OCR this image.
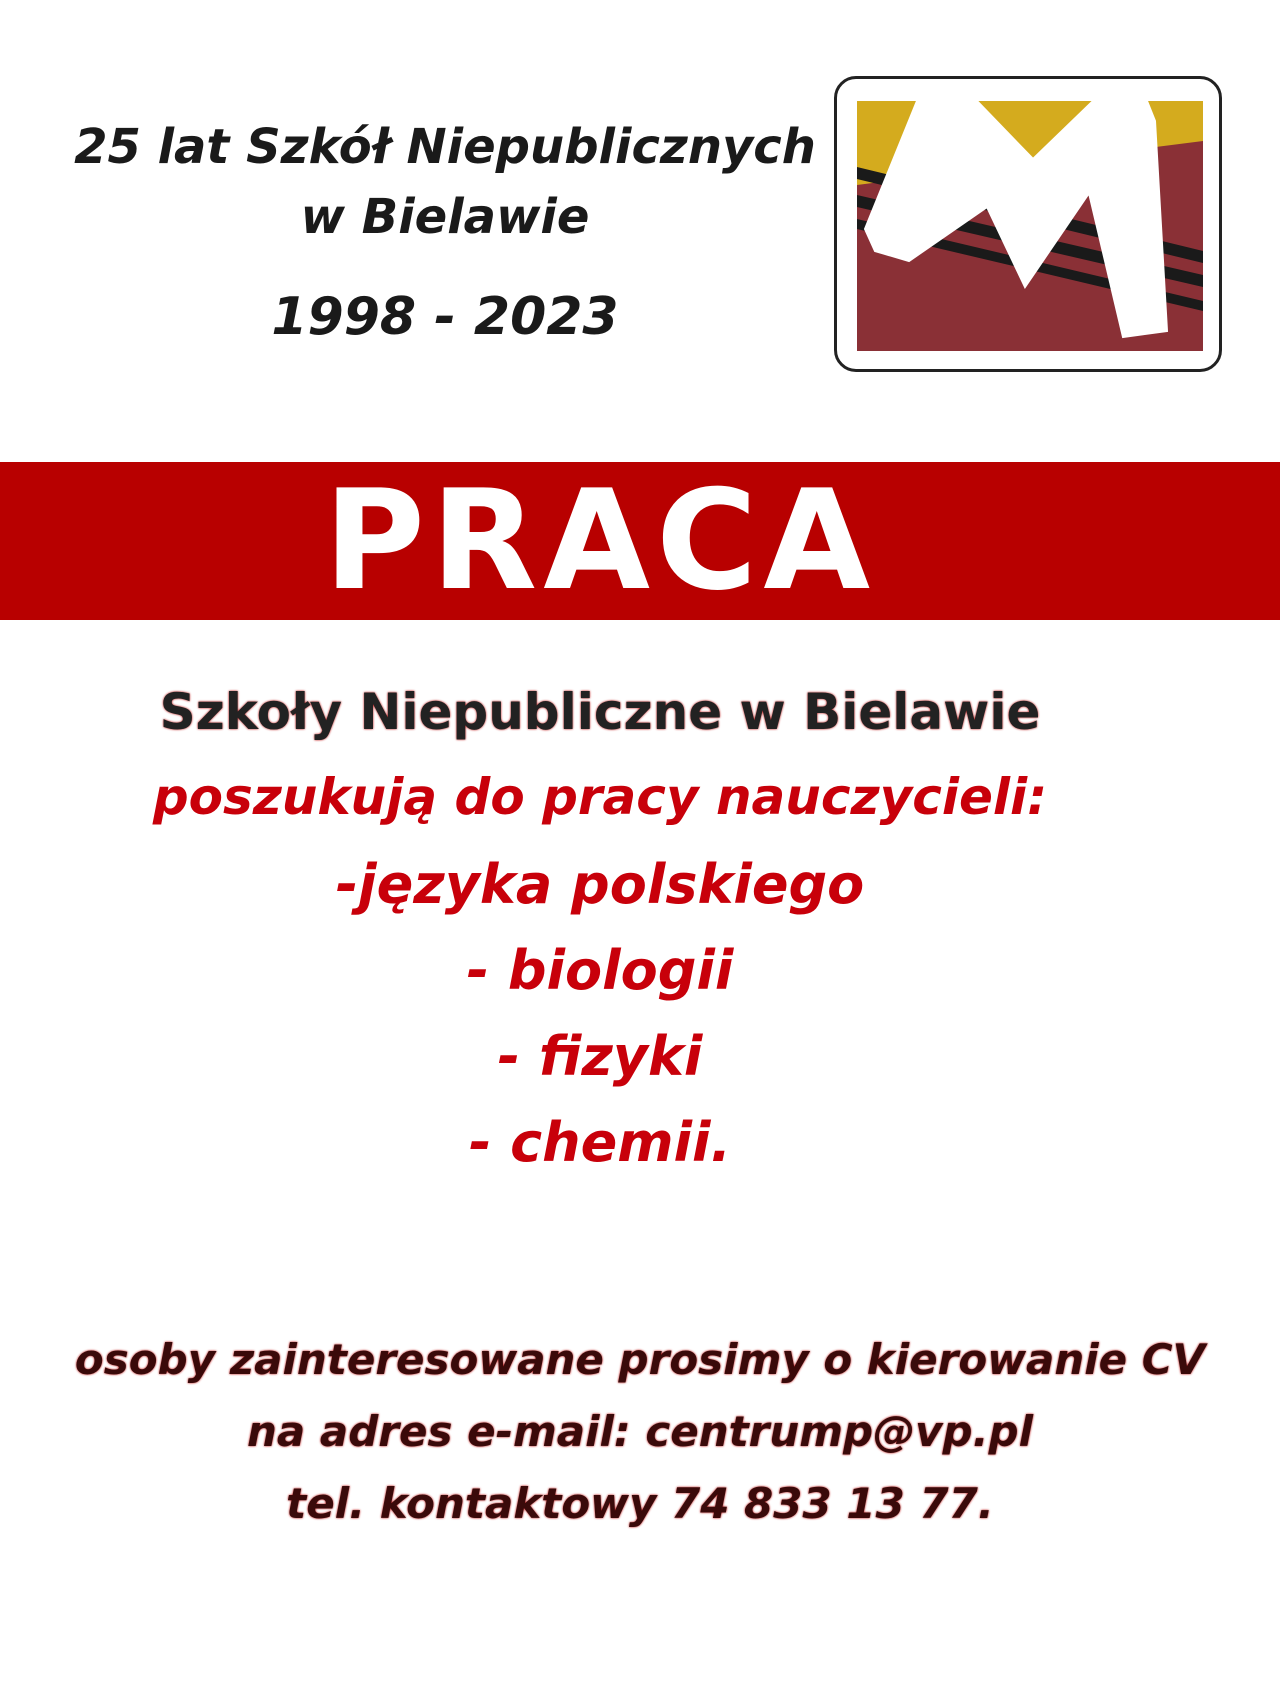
25 lat Szkół Niepublicznych
w Bielawie
1998 - 2023
PRACA
Szkoły Niepubliczne w Bielawie
poszukują do pracy nauczycieli:
-języka polskiego
- biologii
- fizyki
- chemii.
osoby zainteresowane prosimy o kierowanie CV
na adres e-mail: centrump@vp.pl
tel. kontaktowy 74 833 13 77.
